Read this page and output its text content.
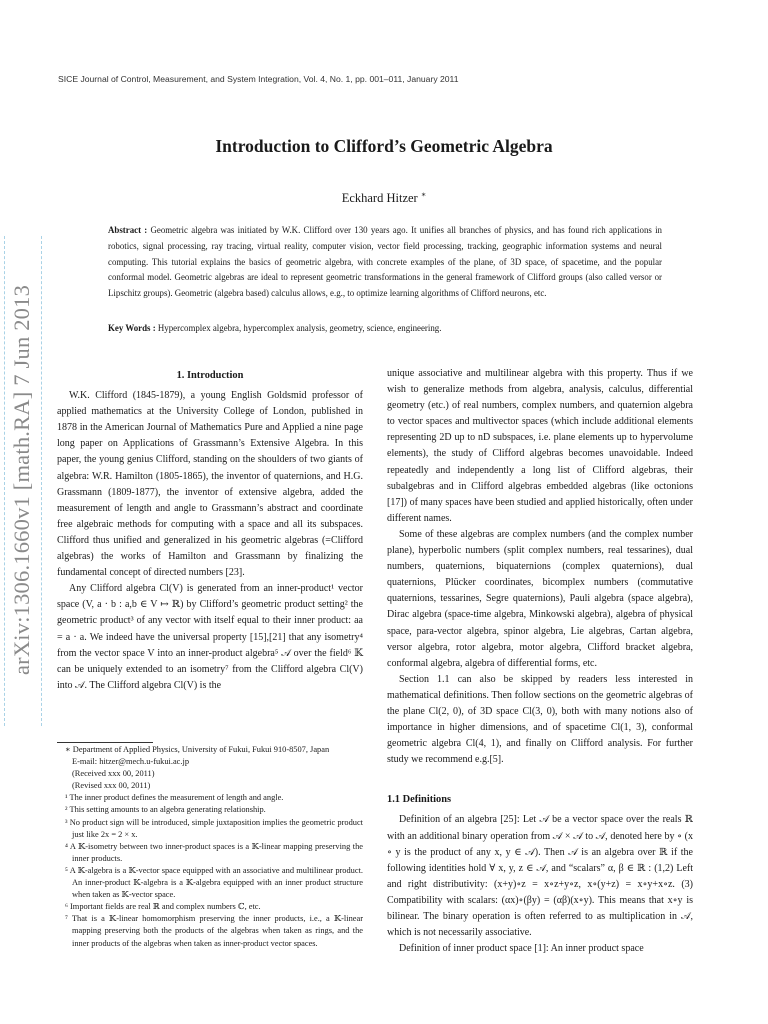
SICE Journal of Control, Measurement, and System Integration, Vol. 4, No. 1, pp. 001–011, January 2011
arXiv:1306.1660v1 [math.RA] 7 Jun 2013
Introduction to Clifford’s Geometric Algebra
Eckhard Hitzer ∗
Abstract : Geometric algebra was initiated by W.K. Clifford over 130 years ago. It unifies all branches of physics, and has found rich applications in robotics, signal processing, ray tracing, virtual reality, computer vision, vector field processing, tracking, geographic information systems and neural computing. This tutorial explains the basics of geometric algebra, with concrete examples of the plane, of 3D space, of spacetime, and the popular conformal model. Geometric algebras are ideal to represent geometric transformations in the general framework of Clifford groups (also called versor or Lipschitz groups). Geometric (algebra based) calculus allows, e.g., to optimize learning algorithms of Clifford neurons, etc.
Key Words : Hypercomplex algebra, hypercomplex analysis, geometry, science, engineering.
1. Introduction

W.K. Clifford (1845-1879), a young English Goldsmid professor of applied mathematics at the University College of London, published in 1878 in the American Journal of Mathematics Pure and Applied a nine page long paper on Applications of Grassmann’s Extensive Algebra. In this paper, the young genius Clifford, standing on the shoulders of two giants of algebra: W.R. Hamilton (1805-1865), the inventor of quaternions, and H.G. Grassmann (1809-1877), the inventor of extensive algebra, added the measurement of length and angle to Grassmann’s abstract and coordinate free algebraic methods for computing with a space and all its subspaces. Clifford thus unified and generalized in his geometric algebras (=Clifford algebras) the works of Hamilton and Grassmann by finalizing the fundamental concept of directed numbers [23].

Any Clifford algebra Cl(V) is generated from an inner-product¹ vector space (V, a · b : a,b ∈ V ↦ ℝ) by Clifford’s geometric product setting² the geometric product³ of any vector with itself equal to their inner product: aa = a · a. We indeed have the universal property [15],[21] that any isometry⁴ from the vector space V into an inner-product algebra⁵ 𝒜 over the field⁶ 𝕂 can be uniquely extended to an isometry⁷ from the Clifford algebra Cl(V) into 𝒜. The Clifford algebra Cl(V) is the

∗ Department of Applied Physics, University of Fukui, Fukui 910-8507, Japan
E-mail: hitzer@mech.u-fukui.ac.jp
(Received xxx 00, 2011)
(Revised xxx 00, 2011)
¹ The inner product defines the measurement of length and angle.
² This setting amounts to an algebra generating relationship.
³ No product sign will be introduced, simple juxtaposition implies the geometric product just like 2x = 2 × x.
⁴ A 𝕂-isometry between two inner-product spaces is a 𝕂-linear mapping preserving the inner products.
⁵ A 𝕂-algebra is a 𝕂-vector space equipped with an associative and multilinear product. An inner-product 𝕂-algebra is a 𝕂-algebra equipped with an inner product structure when taken as 𝕂-vector space.
⁶ Important fields are real ℝ and complex numbers ℂ, etc.
⁷ That is a 𝕂-linear homomorphism preserving the inner products, i.e., a 𝕂-linear mapping preserving both the products of the algebras when taken as rings, and the inner products of the algebras when taken as inner-product vector spaces.

unique associative and multilinear algebra with this property. Thus if we wish to generalize methods from algebra, analysis, calculus, differential geometry (etc.) of real numbers, complex numbers, and quaternion algebra to vector spaces and multivector spaces (which include additional elements representing 2D up to nD subspaces, i.e. plane elements up to hypervolume elements), the study of Clifford algebras becomes unavoidable. Indeed repeatedly and independently a long list of Clifford algebras, their subalgebras and in Clifford algebras embedded algebras (like octonions [17]) of many spaces have been studied and applied historically, often under different names.

Some of these algebras are complex numbers (and the complex number plane), hyperbolic numbers (split complex numbers, real tessarines), dual numbers, quaternions, biquaternions (complex quaternions), dual quaternions, Plücker coordinates, bicomplex numbers (commutative quaternions, tessarines, Segre quaternions), Pauli algebra (space algebra), Dirac algebra (space-time algebra, Minkowski algebra), algebra of physical space, para-vector algebra, spinor algebra, Lie algebras, Cartan algebra, versor algebra, rotor algebra, motor algebra, Clifford bracket algebra, conformal algebra, algebra of differential forms, etc.

Section 1.1 can also be skipped by readers less interested in mathematical definitions. Then follow sections on the geometric algebras of the plane Cl(2, 0), of 3D space Cl(3, 0), both with many notions also of importance in higher dimensions, and of spacetime Cl(1, 3), conformal geometric algebra Cl(4, 1), and finally on Clifford analysis. For further study we recommend e.g.[5].

1.1 Definitions

Definition of an algebra [25]: Let 𝒜 be a vector space over the reals ℝ with an additional binary operation from 𝒜 × 𝒜 to 𝒜, denoted here by ∘ (x ∘ y is the product of any x, y ∈ 𝒜). Then 𝒜 is an algebra over ℝ if the following identities hold ∀ x, y, z ∈ 𝒜, and “scalars” α, β ∈ ℝ : (1,2) Left and right distributivity: (x+y)∘z = x∘z+y∘z, x∘(y+z) = x∘y+x∘z. (3) Compatibility with scalars: (αx)∘(βy) = (αβ)(x∘y). This means that x∘y is bilinear. The binary operation is often referred to as multiplication in 𝒜, which is not necessarily associative.

Definition of inner product space [1]: An inner product space
